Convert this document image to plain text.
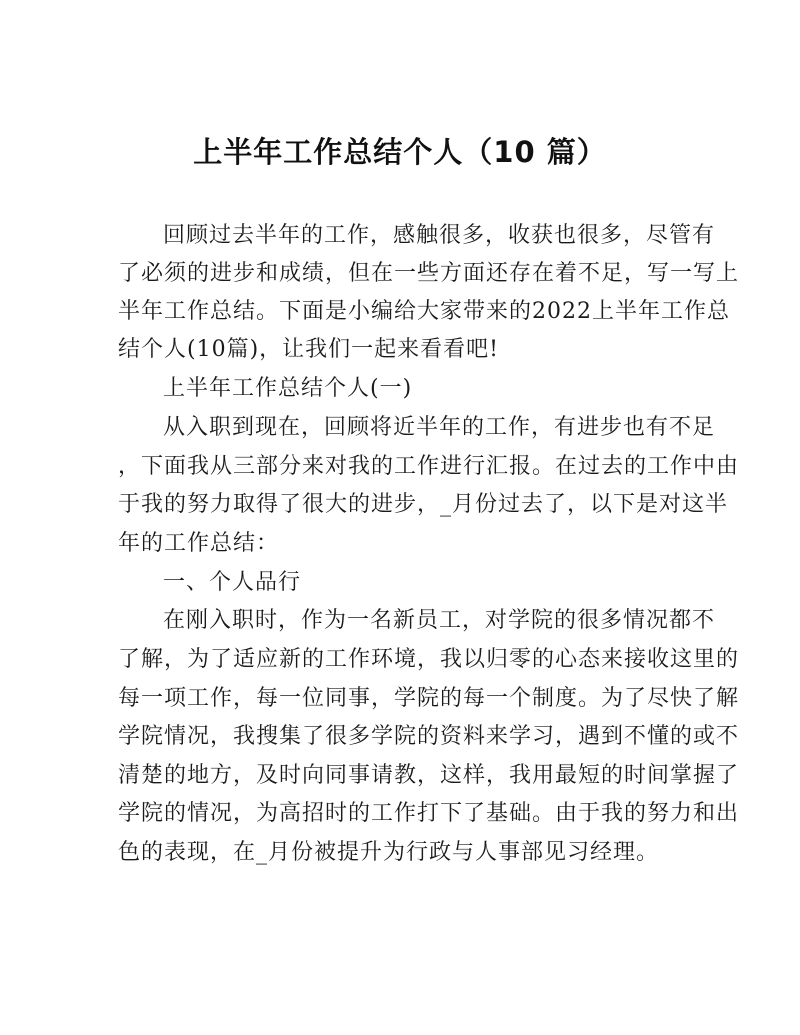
上半年工作总结个人（10 篇）
回顾过去半年的工作，感触很多，收获也很多，尽管有
了必须的进步和成绩，但在一些方面还存在着不足，写一写上
半年工作总结。下面是小编给大家带来的2022上半年工作总
结个人(10篇)，让我们一起来看看吧!
上半年工作总结个人(一)
从入职到现在，回顾将近半年的工作，有进步也有不足
，下面我从三部分来对我的工作进行汇报。在过去的工作中由
于我的努力取得了很大的进步，_月份过去了，以下是对这半
年的工作总结：
一、个人品行
在刚入职时，作为一名新员工，对学院的很多情况都不
了解，为了适应新的工作环境，我以归零的心态来接收这里的
每一项工作，每一位同事，学院的每一个制度。为了尽快了解
学院情况，我搜集了很多学院的资料来学习，遇到不懂的或不
清楚的地方，及时向同事请教，这样，我用最短的时间掌握了
学院的情况，为高招时的工作打下了基础。由于我的努力和出
色的表现，在_月份被提升为行政与人事部见习经理。
